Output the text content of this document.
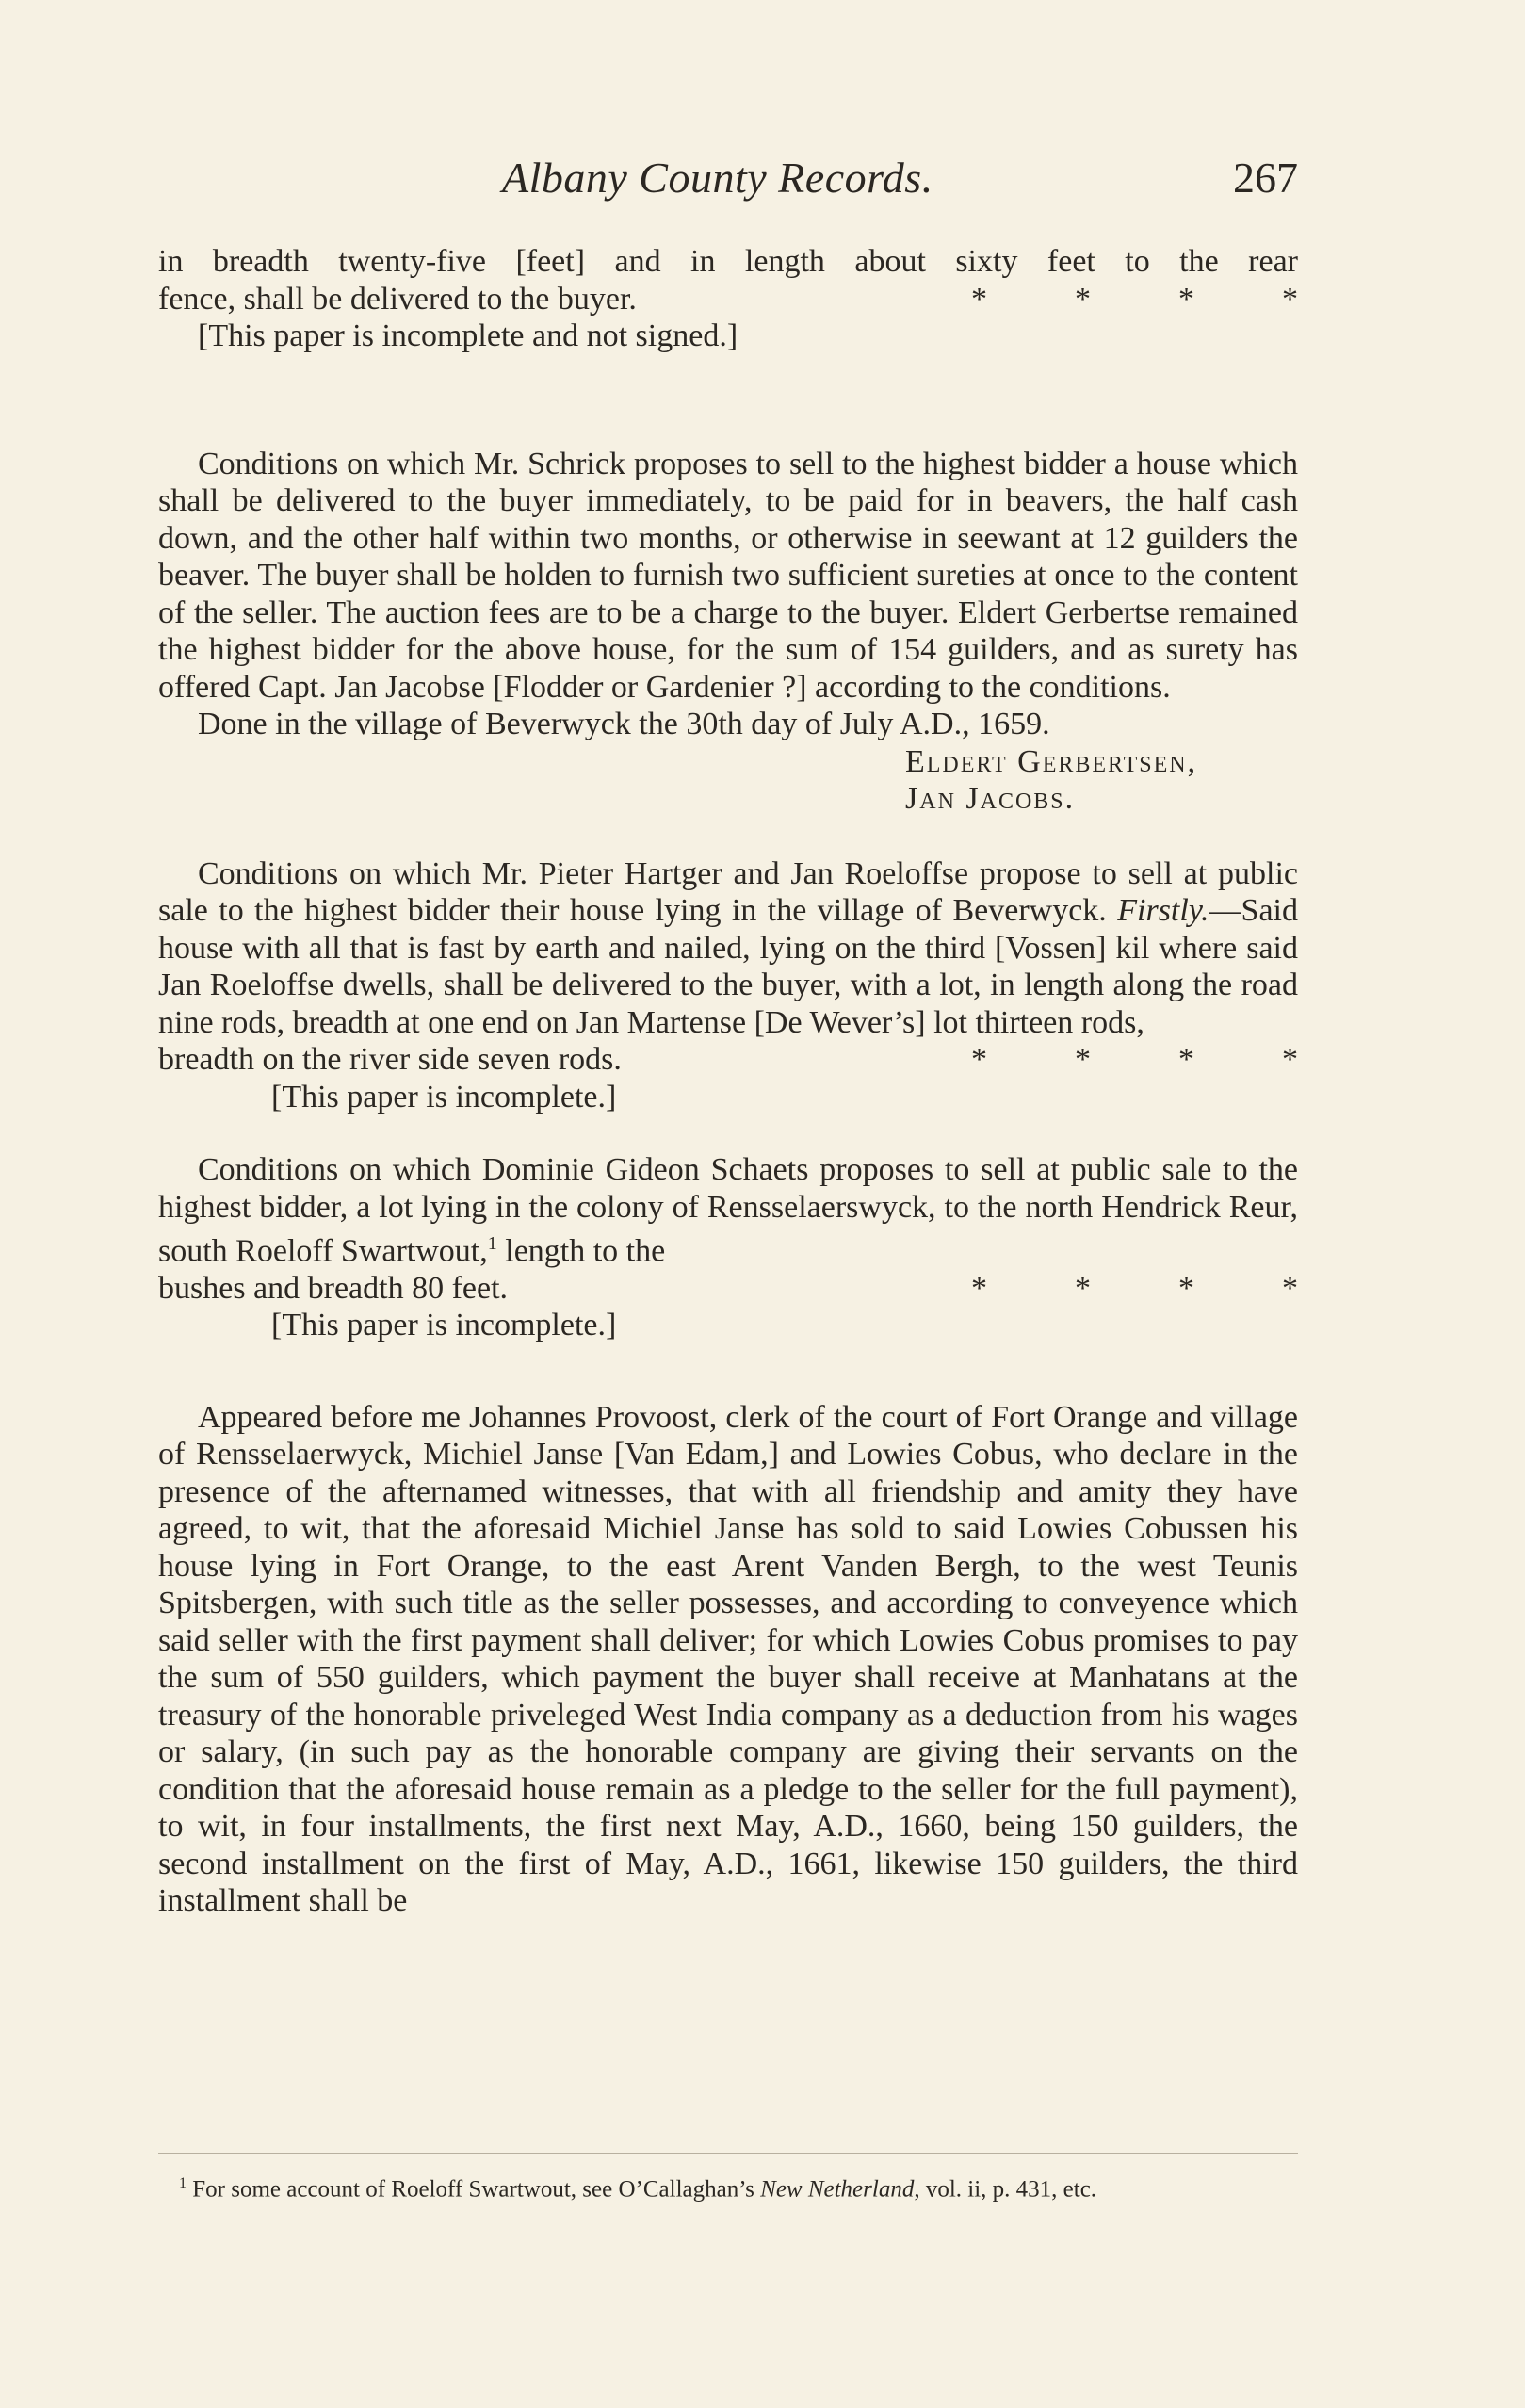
Albany County Records.	267

in breadth twenty-five [feet] and in length about sixty feet to the rear

fence, shall be delivered to the buyer.	*	*	*	*

[This paper is incomplete and not signed.]

Conditions on which Mr. Schrick proposes to sell to the highest bidder a house which shall be delivered to the buyer immediately, to be paid for in beavers, the half cash down, and the other half within two months, or otherwise in seewant at 12 guilders the beaver. The buyer shall be holden to furnish two sufficient sureties at once to the content of the seller. The auction fees are to be a charge to the buyer. Eldert Gerbertse remained the highest bidder for the above house, for the sum of 154 guilders, and as surety has offered Capt. Jan Jacobse [Flodder or Gardenier ?] according to the conditions.

Done in the village of Beverwyck the 30th day of July A.D., 1659.

Eldert Gerbertsen,

Jan Jacobs.

Conditions on which Mr. Pieter Hartger and Jan Roeloffse propose to sell at public sale to the highest bidder their house lying in the village of Beverwyck. Firstly.—Said house with all that is fast by earth and nailed, lying on the third [Vossen] kil where said Jan Roeloffse dwells, shall be delivered to the buyer, with a lot, in length along the road nine rods, breadth at one end on Jan Martense [De Wever’s] lot thirteen rods,

breadth on the river side seven rods.	*	*	*	*

[This paper is incomplete.]

Conditions on which Dominie Gideon Schaets proposes to sell at public sale to the highest bidder, a lot lying in the colony of Rensselaerswyck, to the north Hendrick Reur, south Roeloff Swartwout,$^1$ length to the

bushes and breadth 80 feet.	*	*	*	*

[This paper is incomplete.]

Appeared before me Johannes Provoost, clerk of the court of Fort Orange and village of Rensselaerwyck, Michiel Janse [Van Edam,] and Lowies Cobus, who declare in the presence of the afternamed witnesses, that with all friendship and amity they have agreed, to wit, that the aforesaid Michiel Janse has sold to said Lowies Cobussen his house lying in Fort Orange, to the east Arent Vanden Bergh, to the west Teunis Spitsbergen, with such title as the seller possesses, and according to conveyence which said seller with the first payment shall deliver; for which Lowies Cobus promises to pay the sum of 550 guilders, which payment the buyer shall receive at Manhatans at the treasury of the honorable priveleged West India company as a deduction from his wages or salary, (in such pay as the honorable company are giving their servants on the condition that the aforesaid house remain as a pledge to the seller for the full payment), to wit, in four installments, the first next May, A.D., 1660, being 150 guilders, the second installment on the first of May, A.D., 1661, likewise 150 guilders, the third installment shall be

$^1$ For some account of Roeloff Swartwout, see O’Callaghan’s New Netherland, vol. ii, p. 431, etc.
